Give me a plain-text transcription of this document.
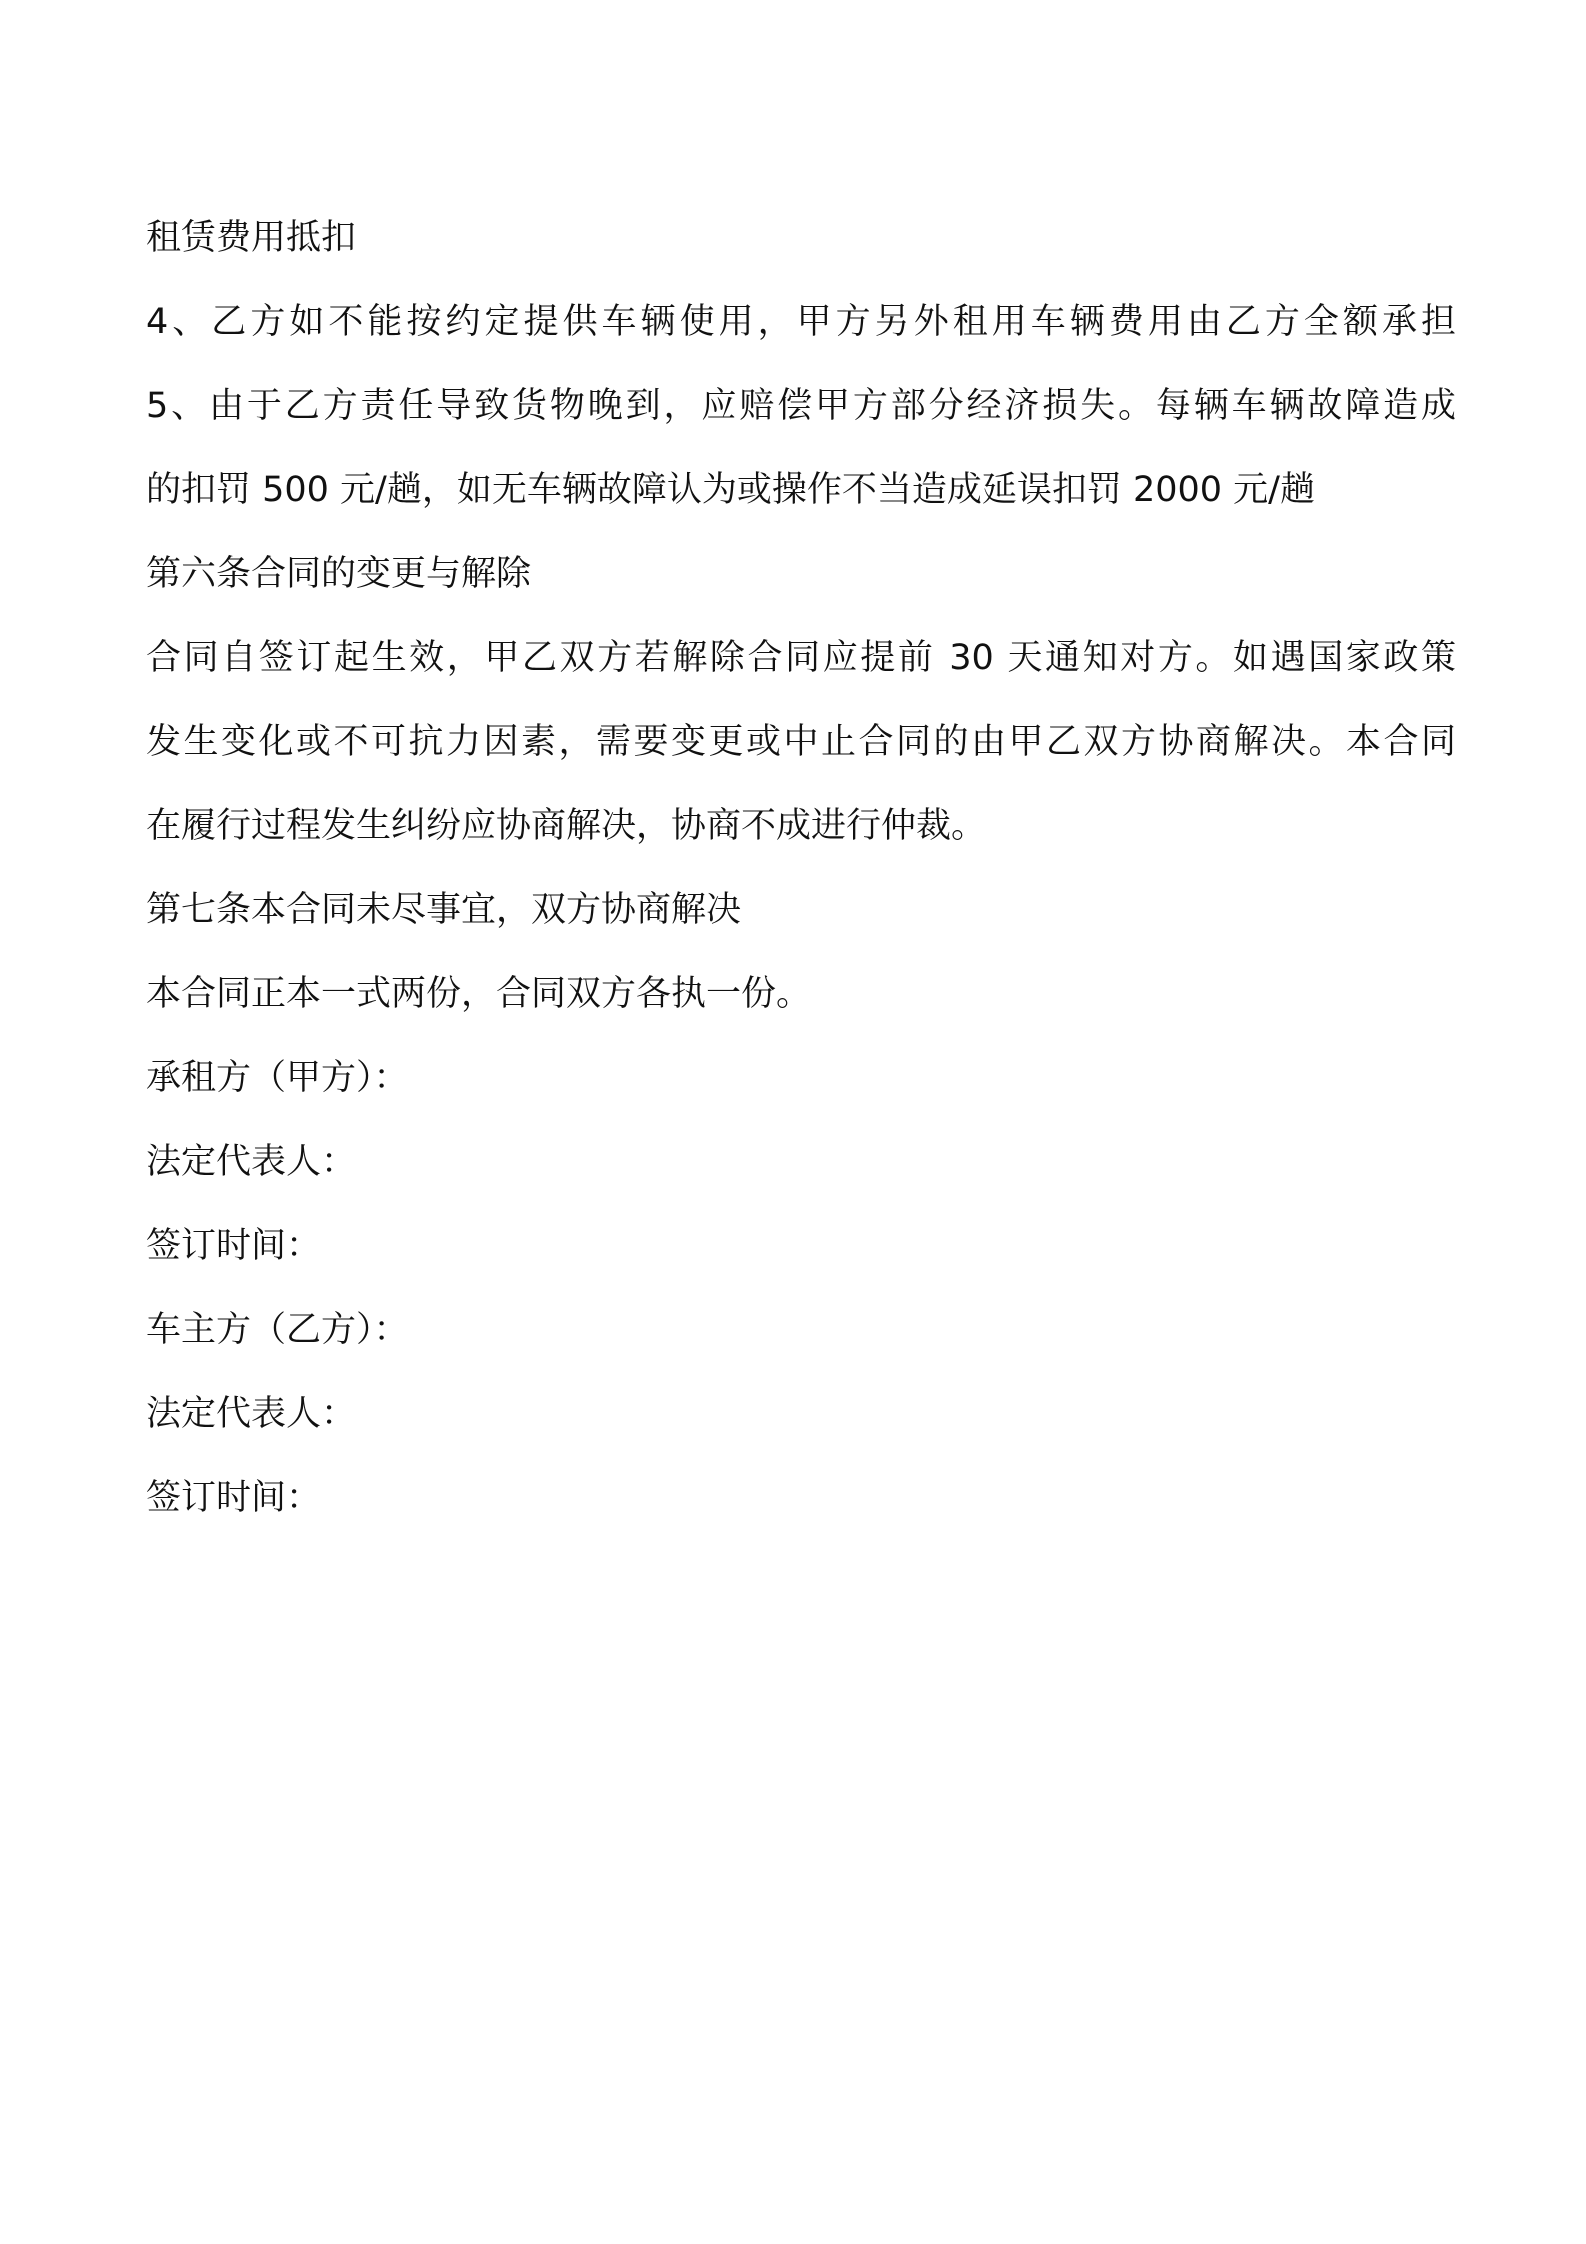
租赁费用抵扣
4、乙方如不能按约定提供车辆使用，甲方另外租用车辆费用由乙方全额承担
5、由于乙方责任导致货物晚到，应赔偿甲方部分经济损失。每辆车辆故障造成
的扣罚 500 元/趟，如无车辆故障认为或操作不当造成延误扣罚 2000 元/趟
第六条合同的变更与解除
合同自签订起生效，甲乙双方若解除合同应提前 30 天通知对方。如遇国家政策
发生变化或不可抗力因素，需要变更或中止合同的由甲乙双方协商解决。本合同
在履行过程发生纠纷应协商解决，协商不成进行仲裁。
第七条本合同未尽事宜，双方协商解决
本合同正本一式两份，合同双方各执一份。
承租方（甲方）：
法定代表人：
签订时间：
车主方（乙方）：
法定代表人：
签订时间：
